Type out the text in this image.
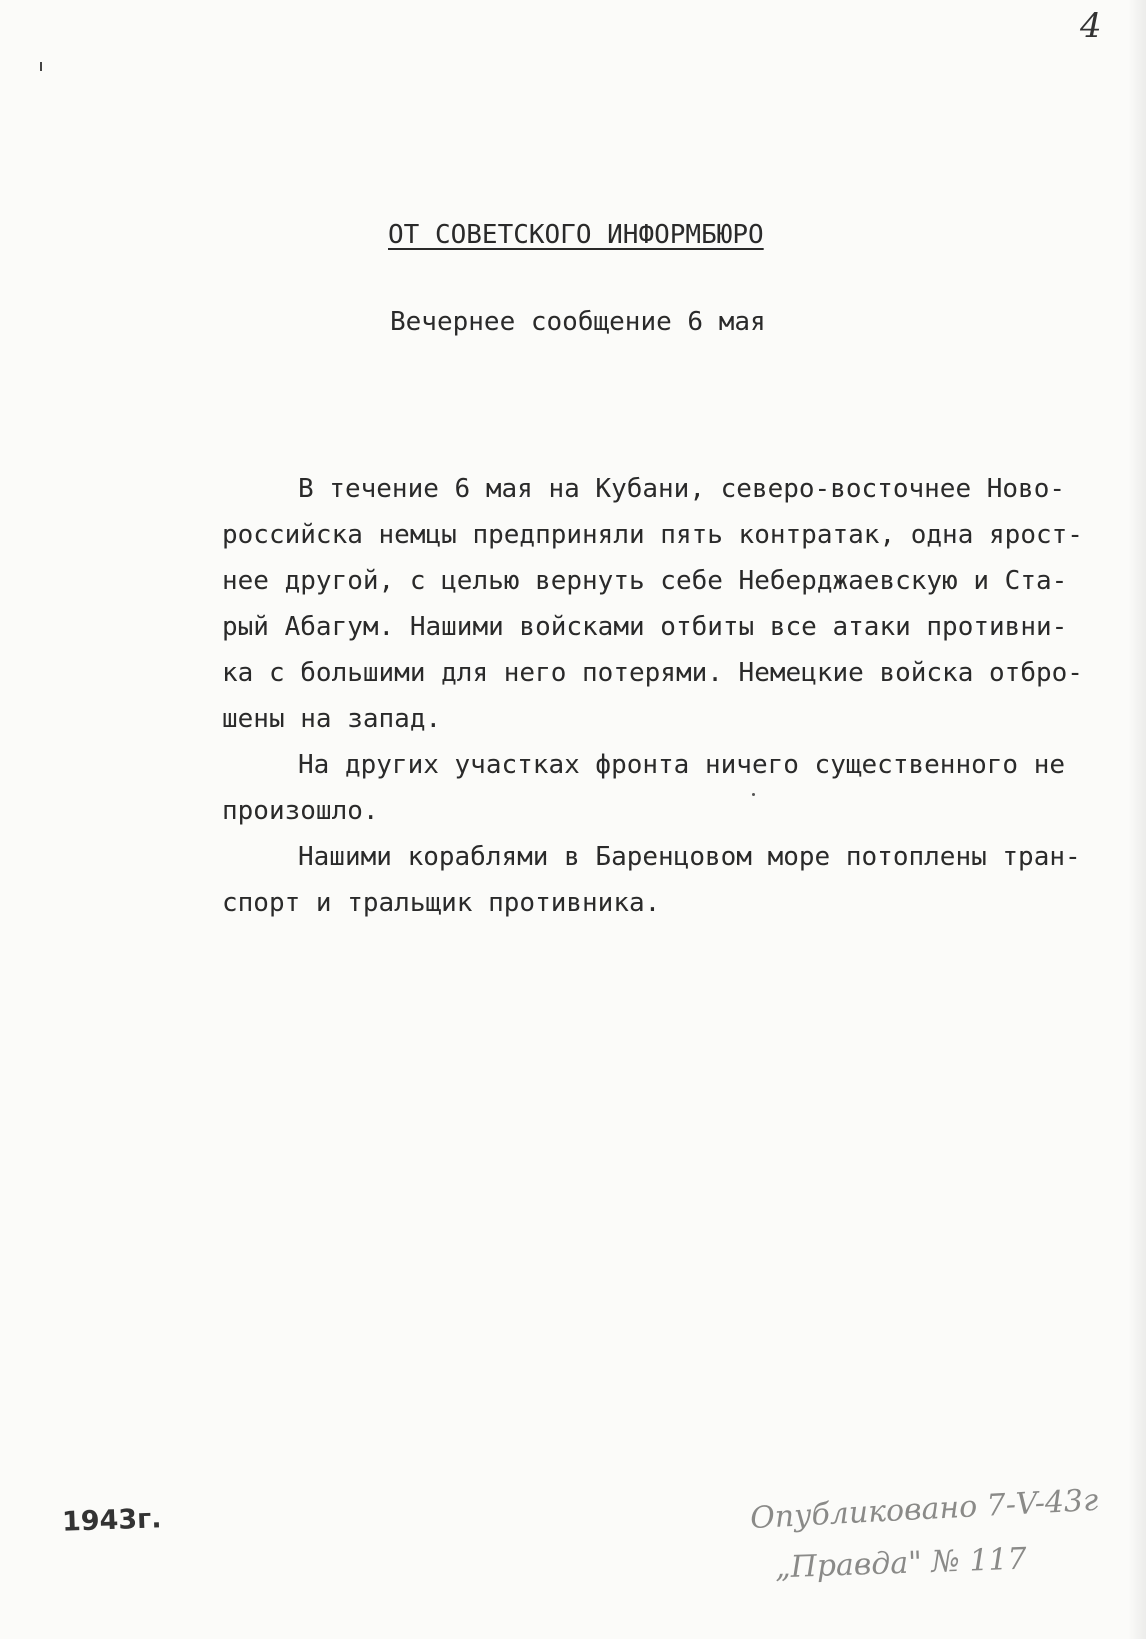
4
ОТ СОВЕТСКОГО ИНФОРМБЮРО
Вечернее сообщение 6 мая
В течение 6 мая на Кубани, северо-восточнее Ново-
российска немцы предприняли пять контратак, одна ярост-
нее другой, с целью вернуть себе Неберджаевскую и Ста-
рый Абагум. Нашими войсками отбиты все атаки противни-
ка с большими для него потерями. Немецкие войска отбро-
шены на запад.
На других участках фронта ничего существенного не
произошло.
Нашими кораблями в Баренцовом море потоплены тран-
спорт и тральщик противника.
1943г.	Опубликовано 7-V-43г
„Правда" № 117
